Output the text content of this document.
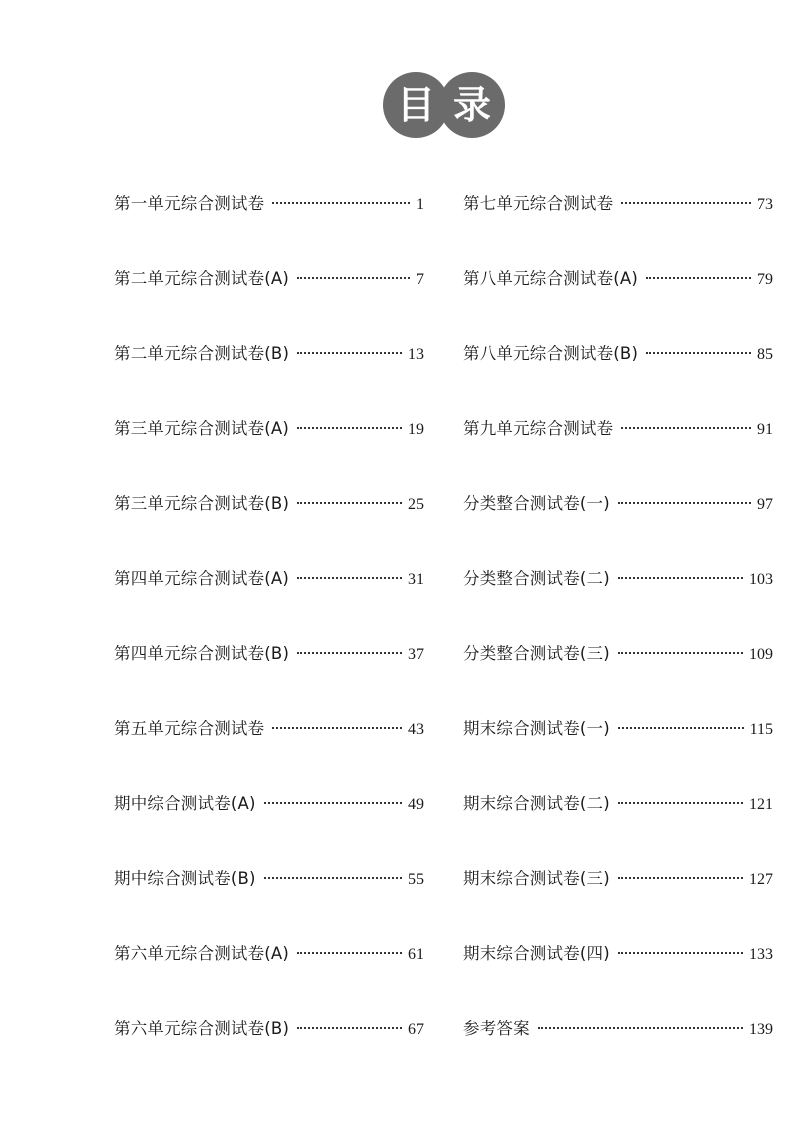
目 录
第一单元综合测试卷	1
第二单元综合测试卷(A)	7
第二单元综合测试卷(B)	13
第三单元综合测试卷(A)	19
第三单元综合测试卷(B)	25
第四单元综合测试卷(A)	31
第四单元综合测试卷(B)	37
第五单元综合测试卷	43
期中综合测试卷(A)	49
期中综合测试卷(B)	55
第六单元综合测试卷(A)	61
第六单元综合测试卷(B)	67
第七单元综合测试卷	73
第八单元综合测试卷(A)	79
第八单元综合测试卷(B)	85
第九单元综合测试卷	91
分类整合测试卷(一)	97
分类整合测试卷(二)	103
分类整合测试卷(三)	109
期末综合测试卷(一)	115
期末综合测试卷(二)	121
期末综合测试卷(三)	127
期末综合测试卷(四)	133
参考答案	139
